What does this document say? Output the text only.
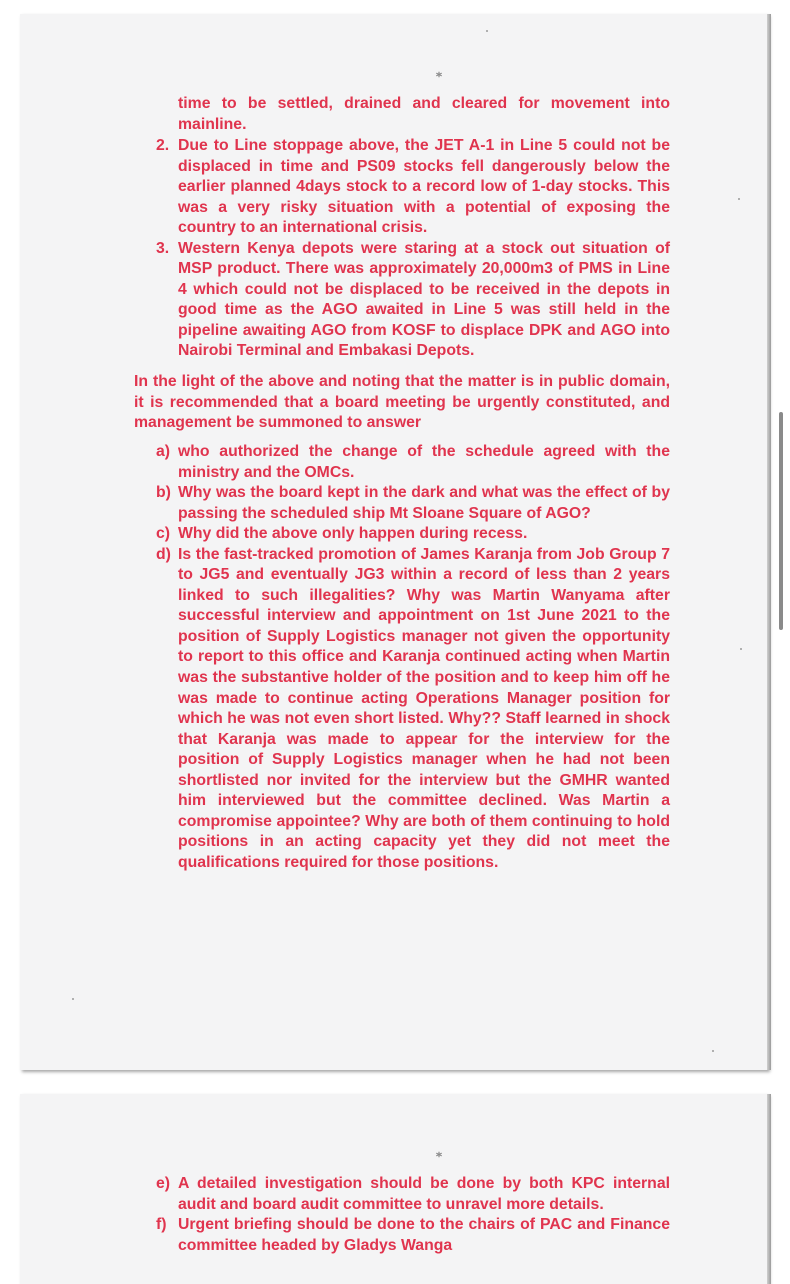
⁎
⁎
time to be settled, drained and cleared for movement into mainline.
2. Due to Line stoppage above, the JET A-1 in Line 5 could not be displaced in time and PS09 stocks fell dangerously below the earlier planned 4days stock to a record low of 1-day stocks. This was a very risky situation with a potential of exposing the country to an international crisis.
3. Western Kenya depots were staring at a stock out situation of MSP product. There was approximately 20,000m3 of PMS in Line 4 which could not be displaced to be received in the depots in good time as the AGO awaited in Line 5 was still held in the pipeline awaiting AGO from KOSF to displace DPK and AGO into Nairobi Terminal and Embakasi Depots.
In the light of the above and noting that the matter is in public domain, it is recommended that a board meeting be urgently constituted, and management be summoned to answer
a) who authorized the change of the schedule agreed with the ministry and the OMCs.
b) Why was the board kept in the dark and what was the effect of by passing the scheduled ship Mt Sloane Square of AGO?
c) Why did the above only happen during recess.
d) Is the fast-tracked promotion of James Karanja from Job Group 7 to JG5 and eventually JG3 within a record of less than 2 years linked to such illegalities? Why was Martin Wanyama after successful interview and appointment on 1st June 2021 to the position of Supply Logistics manager not given the opportunity to report to this office and Karanja continued acting when Martin was the substantive holder of the position and to keep him off he was made to continue acting Operations Manager position for which he was not even short listed. Why?? Staff learned in shock that Karanja was made to appear for the interview for the position of Supply Logistics manager when he had not been shortlisted nor invited for the interview but the GMHR wanted him interviewed but the committee declined. Was Martin a compromise appointee? Why are both of them continuing to hold positions in an acting capacity yet they did not meet the qualifications required for those positions.
e) A detailed investigation should be done by both KPC internal audit and board audit committee to unravel more details.
f) Urgent briefing should be done to the chairs of PAC and Finance committee headed by Gladys Wanga
